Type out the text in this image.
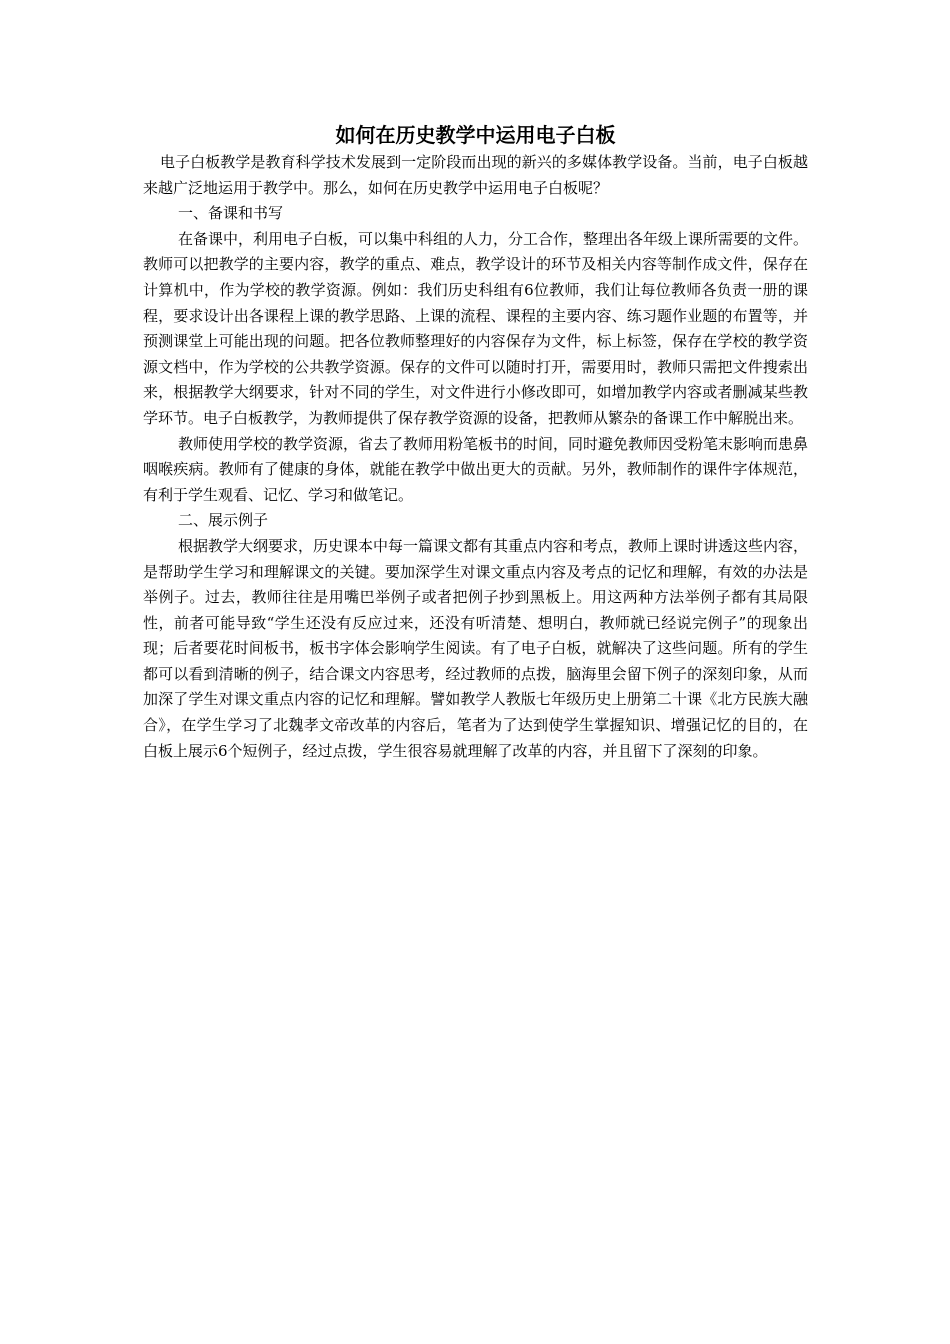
如何在历史教学中运用电子白板

电子白板教学是教育科学技术发展到一定阶段而出现的新兴的多媒体教学设备。当前，电子白板越来越广泛地运用于教学中。那么，如何在历史教学中运用电子白板呢？

一、备课和书写

在备课中，利用电子白板，可以集中科组的人力，分工合作，整理出各年级上课所需要的文件。教师可以把教学的主要内容，教学的重点、难点，教学设计的环节及相关内容等制作成文件，保存在计算机中，作为学校的教学资源。例如：我们历史科组有6位教师，我们让每位教师各负责一册的课程，要求设计出各课程上课的教学思路、上课的流程、课程的主要内容、练习题作业题的布置等，并预测课堂上可能出现的问题。把各位教师整理好的内容保存为文件，标上标签，保存在学校的教学资源文档中，作为学校的公共教学资源。保存的文件可以随时打开，需要用时，教师只需把文件搜索出来，根据教学大纲要求，针对不同的学生，对文件进行小修改即可，如增加教学内容或者删减某些教学环节。电子白板教学，为教师提供了保存教学资源的设备，把教师从繁杂的备课工作中解脱出来。

教师使用学校的教学资源，省去了教师用粉笔板书的时间，同时避免教师因受粉笔末影响而患鼻咽喉疾病。教师有了健康的身体，就能在教学中做出更大的贡献。另外，教师制作的课件字体规范，有利于学生观看、记忆、学习和做笔记。

二、展示例子

根据教学大纲要求，历史课本中每一篇课文都有其重点内容和考点，教师上课时讲透这些内容，是帮助学生学习和理解课文的关键。要加深学生对课文重点内容及考点的记忆和理解，有效的办法是举例子。过去，教师往往是用嘴巴举例子或者把例子抄到黑板上。用这两种方法举例子都有其局限性，前者可能导致“学生还没有反应过来，还没有听清楚、想明白，教师就已经说完例子”的现象出现；后者要花时间板书，板书字体会影响学生阅读。有了电子白板，就解决了这些问题。所有的学生都可以看到清晰的例子，结合课文内容思考，经过教师的点拨，脑海里会留下例子的深刻印象，从而加深了学生对课文重点内容的记忆和理解。譬如教学人教版七年级历史上册第二十课《北方民族大融合》，在学生学习了北魏孝文帝改革的内容后，笔者为了达到使学生掌握知识、增强记忆的目的，在白板上展示6个短例子，经过点拨，学生很容易就理解了改革的内容，并且留下了深刻的印象。
